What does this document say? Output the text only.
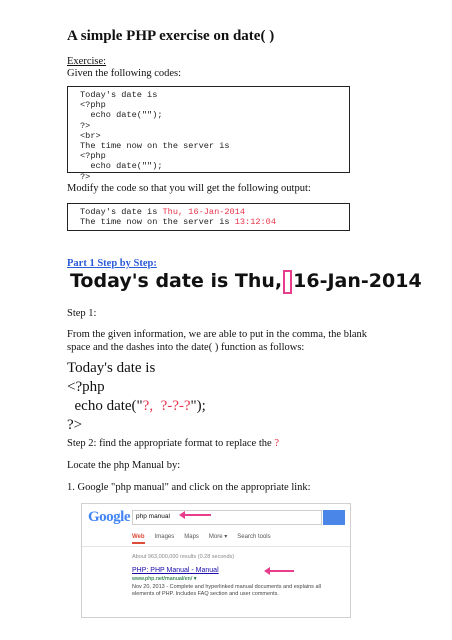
A simple PHP exercise on date( )
Exercise:
Given the following codes:
Today's date is
<?php
echo date("");
?>
<br>
The time now on the server is
<?php
echo date("");
?>
Modify the code so that you will get the following output:
Today's date is Thu, 16-Jan-2014
The time now on the server is 13:12:04
Part 1 Step by Step:
Today's date is Thu, 16-Jan-2014
Step 1:
From the given information, we are able to put in the comma, the blank space and the dashes into the date( ) function as follows:
Today's date is
<?php
echo date("?,  ?-?-?");
?>
Step 2: find the appropriate format to replace the ?
Locate the php Manual by:
1. Google "php manual" and click on the appropriate link:
Google php manual
Web Images Maps More ▾ Search tools
About 963,000,000 results (0.28 seconds)
PHP: PHP Manual - Manual
www.php.net/manual/en/ ▾
Nov 20, 2013 - Complete and hyperlinked manual documents and explains all elements of PHP. Includes FAQ section and user comments.
